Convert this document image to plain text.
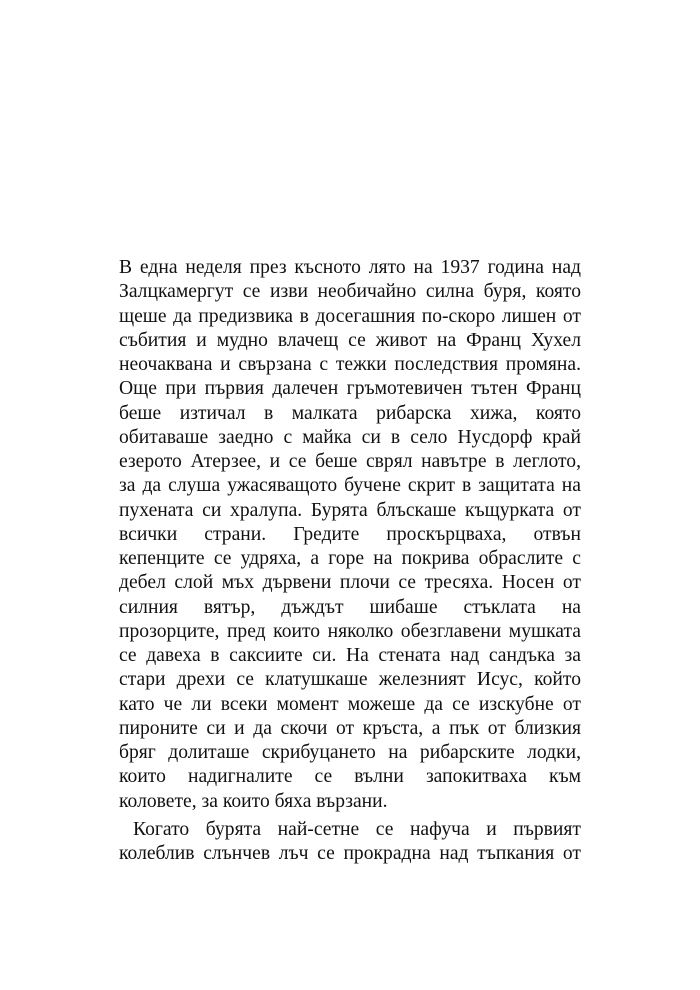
В една неделя през късното лято на 1937 година над
Залцкамергут се изви необичайно силна буря, която
щеше да предизвика в досегашния по-скоро лишен от
събития и мудно влачещ се живот на Франц Хухел
неочаквана и свързана с тежки последствия промяна.
Още при първия далечен гръмотевичен тътен Франц
беше изтичал в малката рибарска хижа, която
обитаваше заедно с майка си в село Нусдорф край
езерото Атерзее, и се беше сврял навътре в леглото,
за да слуша ужасяващото бучене скрит в защитата на
пухената си хралупа. Бурята блъскаше къщурката от
всички страни. Гредите проскърцваха, отвън
кепенците се удряха, а горе на покрива обраслите с
дебел слой мъх дървени плочи се тресяха. Носен от
силния вятър, дъждът шибаше стъклата на
прозорците, пред които няколко обезглавени мушката
се давеха в саксиите си. На стената над сандъка за
стари дрехи се клатушкаше железният Исус, който
като че ли всеки момент можеше да се изскубне от
пироните си и да скочи от кръста, а пък от близкия
бряг долиташе скрибуцането на рибарските лодки,
които надигналите се вълни запокитваха към
коловете, за които бяха вързани.
Когато бурята най-сетне се нафуча и първият
колеблив слънчев лъч се прокрадна над тъпкания от
